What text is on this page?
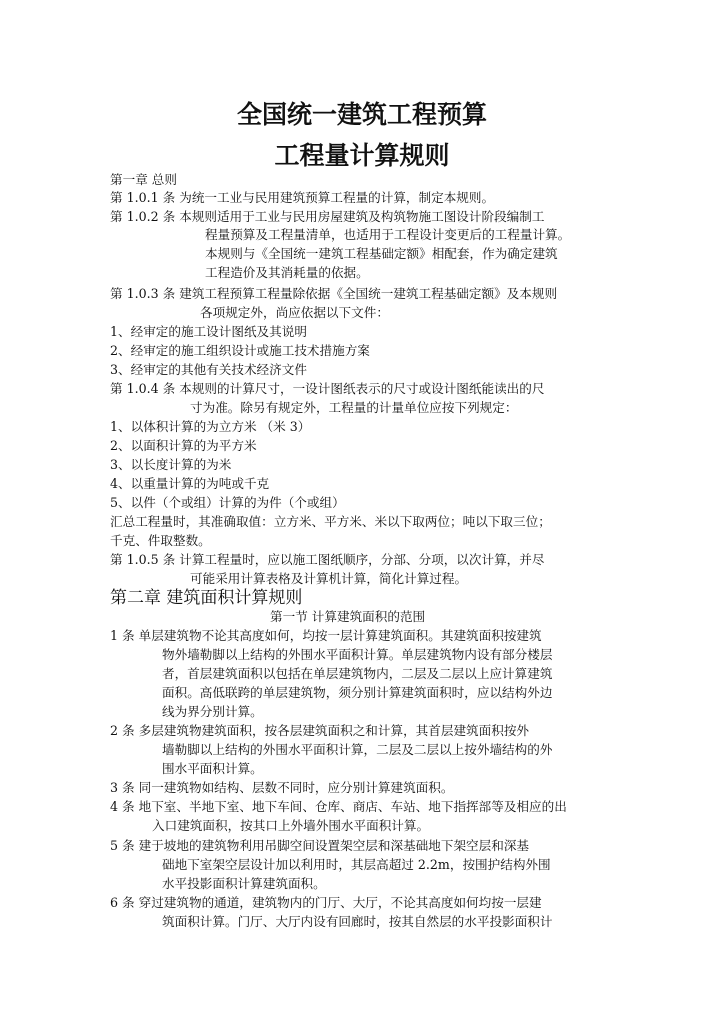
全国统一建筑工程预算
工程量计算规则
第一章 总则
第 1.0.1 条 为统一工业与民用建筑预算工程量的计算，制定本规则。
第 1.0.2 条 本规则适用于工业与民用房屋建筑及构筑物施工图设计阶段编制工
程量预算及工程量清单，也适用于工程设计变更后的工程量计算。
本规则与《全国统一建筑工程基础定额》相配套，作为确定建筑
工程造价及其消耗量的依据。
第 1.0.3 条 建筑工程预算工程量除依据《全国统一建筑工程基础定额》及本规则
各项规定外，尚应依据以下文件：
1、经审定的施工设计图纸及其说明
2、经审定的施工组织设计或施工技术措施方案
3、经审定的其他有关技术经济文件
第 1.0.4 条 本规则的计算尺寸，一设计图纸表示的尺寸或设计图纸能读出的尺
寸为准。除另有规定外，工程量的计量单位应按下列规定：
1、以体积计算的为立方米 （米 3）
2、以面积计算的为平方米
3、以长度计算的为米
4、以重量计算的为吨或千克
5、以件（个或组）计算的为件（个或组）
汇总工程量时，其准确取值：立方米、平方米、米以下取两位；吨以下取三位；
千克、件取整数。
第 1.0.5 条 计算工程量时，应以施工图纸顺序，分部、分项，以次计算，并尽
可能采用计算表格及计算机计算，简化计算过程。
第二章 建筑面积计算规则
第一节 计算建筑面积的范围
1 条 单层建筑物不论其高度如何，均按一层计算建筑面积。其建筑面积按建筑
物外墙勒脚以上结构的外围水平面积计算。单层建筑物内设有部分楼层
者，首层建筑面积以包括在单层建筑物内，二层及二层以上应计算建筑
面积。高低联跨的单层建筑物，须分别计算建筑面积时，应以结构外边
线为界分别计算。
2 条 多层建筑物建筑面积，按各层建筑面积之和计算，其首层建筑面积按外
墙勒脚以上结构的外围水平面积计算，二层及二层以上按外墙结构的外
围水平面积计算。
3 条 同一建筑物如结构、层数不同时，应分别计算建筑面积。
4 条 地下室、半地下室、地下车间、仓库、商店、车站、地下指挥部等及相应的出
入口建筑面积，按其口上外墙外围水平面积计算。
5 条 建于坡地的建筑物利用吊脚空间设置架空层和深基础地下架空层和深基
础地下室架空层设计加以利用时，其层高超过 2.2m，按围护结构外围
水平投影面积计算建筑面积。
6 条 穿过建筑物的通道，建筑物内的门厅、大厅，不论其高度如何均按一层建
筑面积计算。门厅、大厅内设有回廊时，按其自然层的水平投影面积计
